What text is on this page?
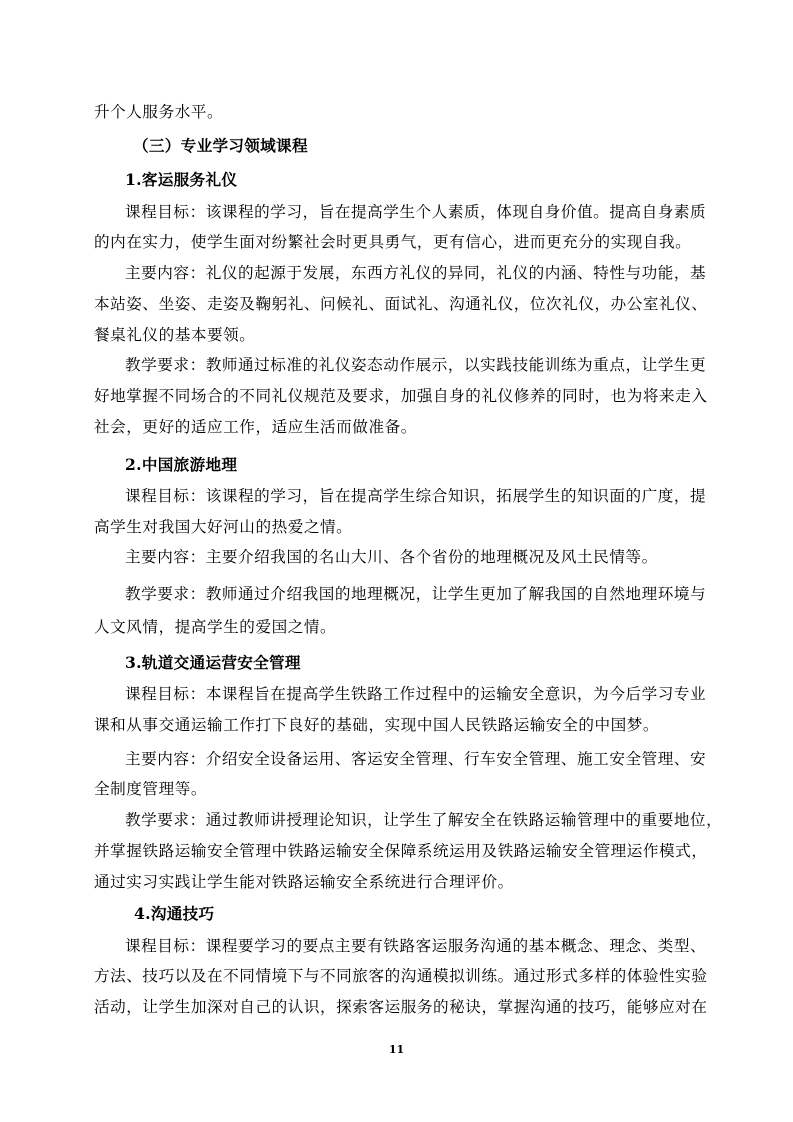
升个人服务水平。
（三）专业学习领域课程
1.客运服务礼仪
课程目标：该课程的学习，旨在提高学生个人素质，体现自身价值。提高自身素质
的内在实力，使学生面对纷繁社会时更具勇气，更有信心，进而更充分的实现自我。
主要内容：礼仪的起源于发展，东西方礼仪的异同，礼仪的内涵、特性与功能，基
本站姿、坐姿、走姿及鞠躬礼、问候礼、面试礼、沟通礼仪，位次礼仪，办公室礼仪、
餐桌礼仪的基本要领。
教学要求：教师通过标准的礼仪姿态动作展示，以实践技能训练为重点，让学生更
好地掌握不同场合的不同礼仪规范及要求，加强自身的礼仪修养的同时，也为将来走入
社会，更好的适应工作，适应生活而做准备。
2.中国旅游地理
课程目标：该课程的学习，旨在提高学生综合知识，拓展学生的知识面的广度，提
高学生对我国大好河山的热爱之情。
主要内容：主要介绍我国的名山大川、各个省份的地理概况及风土民情等。
教学要求：教师通过介绍我国的地理概况，让学生更加了解我国的自然地理环境与
人文风情，提高学生的爱国之情。
3.轨道交通运营安全管理
课程目标：本课程旨在提高学生铁路工作过程中的运输安全意识，为今后学习专业
课和从事交通运输工作打下良好的基础，实现中国人民铁路运输安全的中国梦。
主要内容：介绍安全设备运用、客运安全管理、行车安全管理、施工安全管理、安
全制度管理等。
教学要求：通过教师讲授理论知识，让学生了解安全在铁路运输管理中的重要地位，
并掌握铁路运输安全管理中铁路运输安全保障系统运用及铁路运输安全管理运作模式，
通过实习实践让学生能对铁路运输安全系统进行合理评价。
4.沟通技巧
课程目标：课程要学习的要点主要有铁路客运服务沟通的基本概念、理念、类型、
方法、技巧以及在不同情境下与不同旅客的沟通模拟训练。通过形式多样的体验性实验
活动，让学生加深对自己的认识，探索客运服务的秘诀，掌握沟通的技巧，能够应对在
11
